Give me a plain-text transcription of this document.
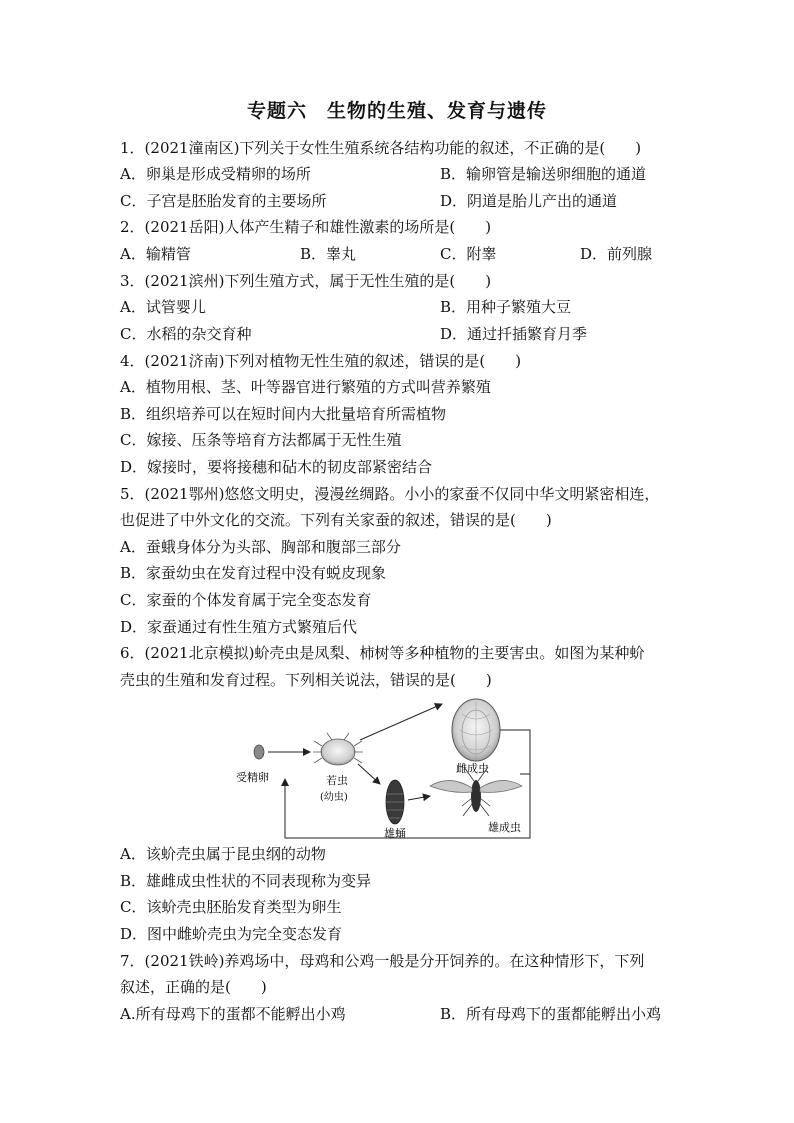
专题六　生物的生殖、发育与遗传
1．(2021潼南区)下列关于女性生殖系统各结构功能的叙述，不正确的是(　　)
A．卵巢是形成受精卵的场所	B．输卵管是输送卵细胞的通道
C．子宫是胚胎发育的主要场所	D．阴道是胎儿产出的通道
2．(2021岳阳)人体产生精子和雄性激素的场所是(　　)
A．输精管	B．睾丸	C．附睾	D．前列腺
3．(2021滨州)下列生殖方式，属于无性生殖的是(　　)
A．试管婴儿	B．用种子繁殖大豆
C．水稻的杂交育种	D．通过扦插繁育月季
4．(2021济南)下列对植物无性生殖的叙述，错误的是(　　)
A．植物用根、茎、叶等器官进行繁殖的方式叫营养繁殖
B．组织培养可以在短时间内大批量培育所需植物
C．嫁接、压条等培育方法都属于无性生殖
D．嫁接时，要将接穗和砧木的韧皮部紧密结合
5．(2021鄂州)悠悠文明史，漫漫丝绸路。小小的家蚕不仅同中华文明紧密相连，
也促进了中外文化的交流。下列有关家蚕的叙述，错误的是(　　)
A．蚕蛾身体分为头部、胸部和腹部三部分
B．家蚕幼虫在发育过程中没有蜕皮现象
C．家蚕的个体发育属于完全变态发育
D．家蚕通过有性生殖方式繁殖后代
6．(2021北京模拟)蚧壳虫是凤梨、柿树等多种植物的主要害虫。如图为某种蚧
壳虫的生殖和发育过程。下列相关说法，错误的是(　　)
受精卵	若虫
(幼虫)
雌成虫
雄蛹	雄成虫
A．该蚧壳虫属于昆虫纲的动物
B．雄雌成虫性状的不同表现称为变异
C．该蚧壳虫胚胎发育类型为卵生
D．图中雌蚧壳虫为完全变态发育
7．(2021铁岭)养鸡场中，母鸡和公鸡一般是分开饲养的。在这种情形下，下列
叙述，正确的是(　　)
A.所有母鸡下的蛋都不能孵出小鸡	B．所有母鸡下的蛋都能孵出小鸡
